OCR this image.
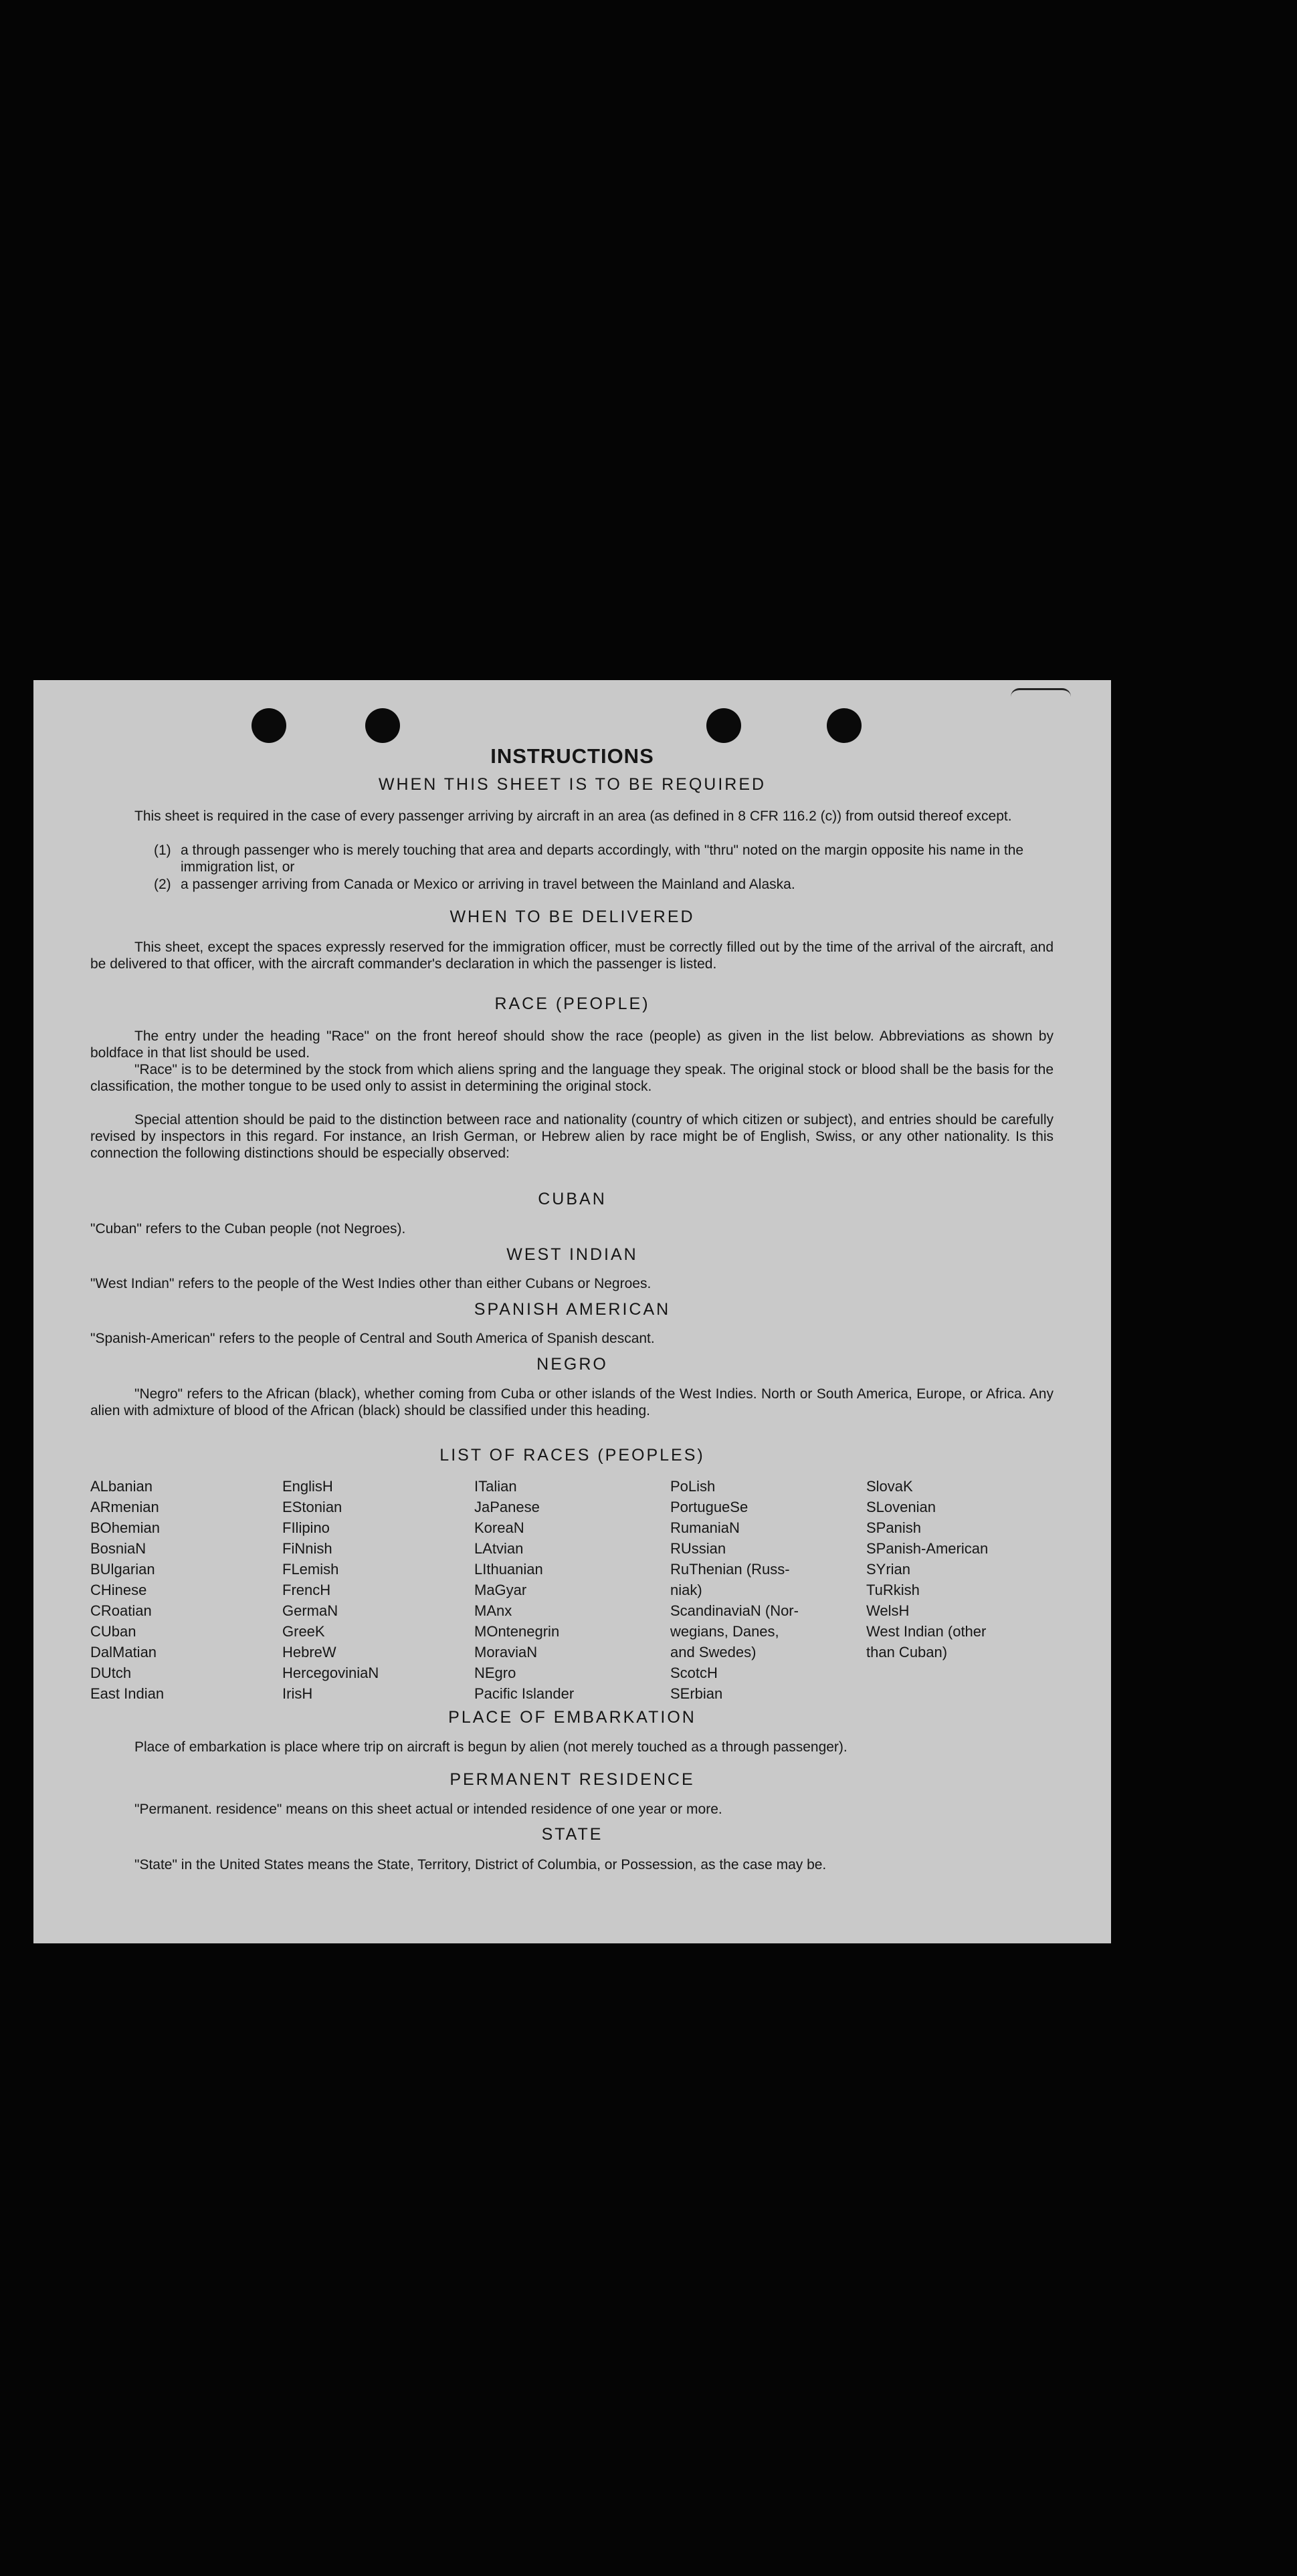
INSTRUCTIONS
WHEN THIS SHEET IS TO BE REQUIRED
This sheet is required in the case of every passenger arriving by aircraft in an area (as defined in 8 CFR 116.2 (c)) from outsid thereof except.
(1) a through passenger who is merely touching that area and departs accordingly, with "thru" noted on the margin opposite his name in the immigration list, or
(2) a passenger arriving from Canada or Mexico or arriving in travel between the Mainland and Alaska.
WHEN TO BE DELIVERED
This sheet, except the spaces expressly reserved for the immigration officer, must be correctly filled out by the time of the arrival of the aircraft, and be delivered to that officer, with the aircraft commander's declaration in which the passenger is listed.
RACE (PEOPLE)
The entry under the heading "Race" on the front hereof should show the race (people) as given in the list below. Abbreviations as shown by boldface in that list should be used.
"Race" is to be determined by the stock from which aliens spring and the language they speak. The original stock or blood shall be the basis for the classification, the mother tongue to be used only to assist in determining the original stock.
Special attention should be paid to the distinction between race and nationality (country of which citizen or subject), and entries should be carefully revised by inspectors in this regard. For instance, an Irish German, or Hebrew alien by race might be of English, Swiss, or any other nationality. Is this connection the following distinctions should be especially observed:
CUBAN
"Cuban" refers to the Cuban people (not Negroes).
WEST INDIAN
"West Indian" refers to the people of the West Indies other than either Cubans or Negroes.
SPANISH AMERICAN
"Spanish-American" refers to the people of Central and South America of Spanish descant.
NEGRO
"Negro" refers to the African (black), whether coming from Cuba or other islands of the West Indies. North or South America, Europe, or Africa. Any alien with admixture of blood of the African (black) should be classified under this heading.
LIST OF RACES (PEOPLES)
ALbanian
ARmenian
BOhemian
BosniaN
BUlgarian
CHinese
CRoatian
CUban
DalMatian
DUtch
East Indian
EnglisH
EStonian
FIlipino
FiNnish
FLemish
FrencH
GermaN
GreeK
HebreW
HercegoviniaN
IrisH
ITalian
JaPanese
KoreaN
LAtvian
LIthuanian
MaGyar
MAnx
MOntenegrin
MoraviaN
NEgro
Pacific Islander
PoLish
PortugueSe
RumaniaN
RUssian
RuThenian (Russ-
niak)
ScandinaviaN (Nor-
wegians, Danes,
and Swedes)
ScotcH
SErbian
SlovaK
SLovenian
SPanish
SPanish-American
SYrian
TuRkish
WelsH
West Indian (other
than Cuban)
PLACE OF EMBARKATION
Place of embarkation is place where trip on aircraft is begun by alien (not merely touched as a through passenger).
PERMANENT RESIDENCE
"Permanent. residence" means on this sheet actual or intended residence of one year or more.
STATE
"State" in the United States means the State, Territory, District of Columbia, or Possession, as the case may be.
